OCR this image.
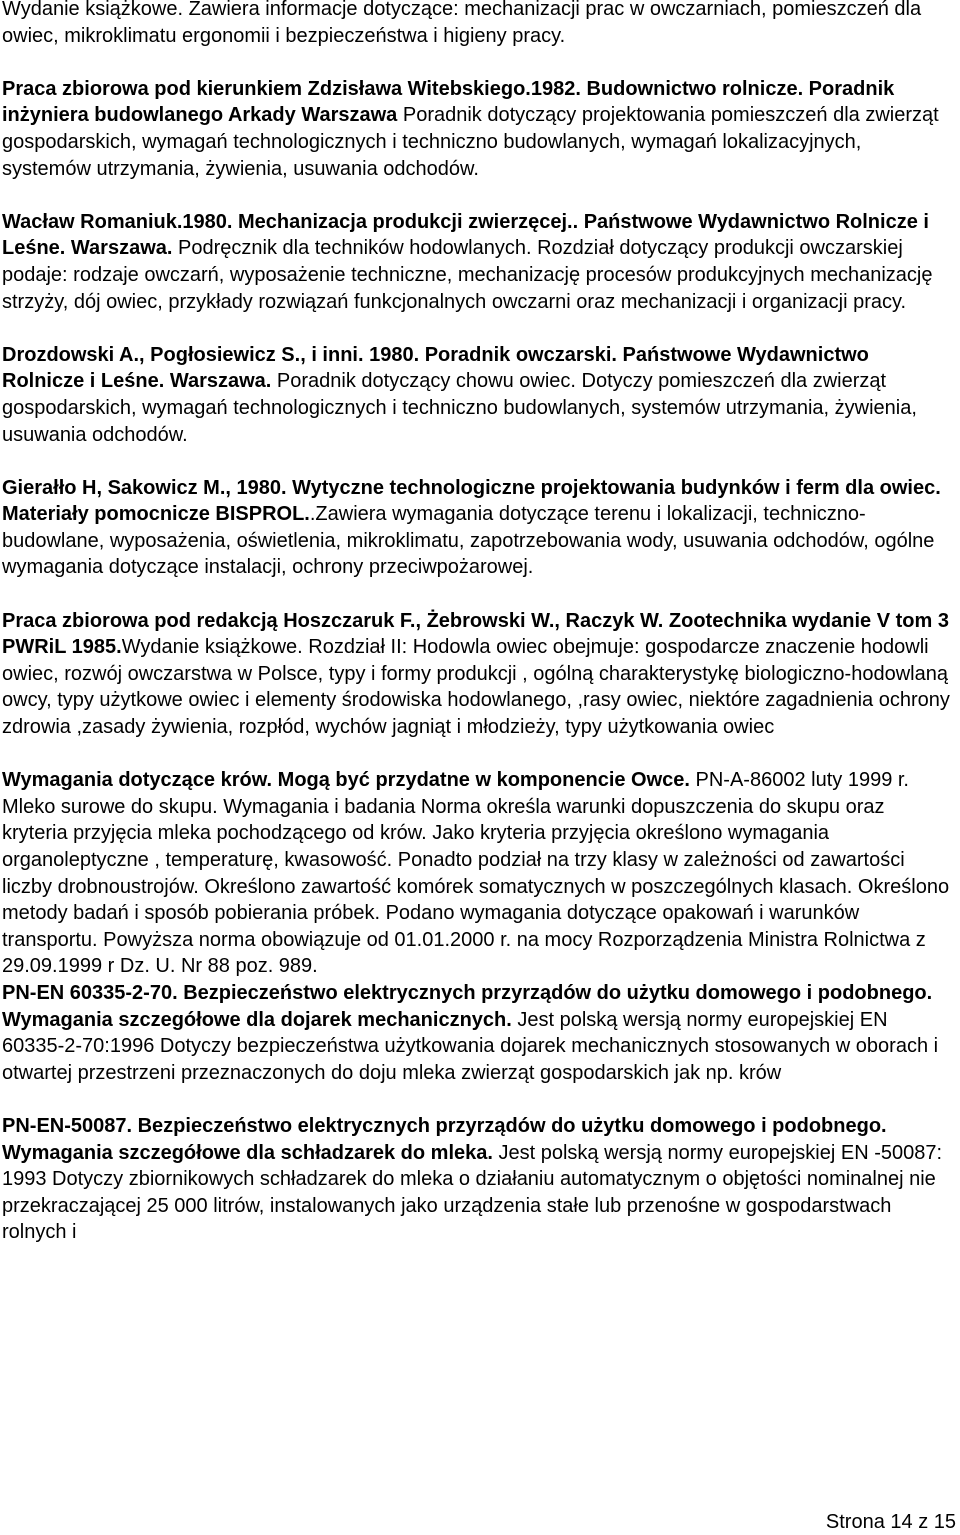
Wydanie książkowe. Zawiera informacje dotyczące: mechanizacji prac w owczarniach, pomieszczeń dla owiec, mikroklimatu ergonomii i bezpieczeństwa i higieny pracy.

Praca zbiorowa pod kierunkiem Zdzisława Witebskiego.1982. Budownictwo rolnicze. Poradnik inżyniera budowlanego Arkady Warszawa Poradnik dotyczący projektowania pomieszczeń dla zwierząt gospodarskich, wymagań technologicznych i techniczno budowlanych, wymagań lokalizacyjnych, systemów utrzymania, żywienia, usuwania odchodów.

Wacław Romaniuk.1980. Mechanizacja produkcji zwierzęcej.. Państwowe Wydawnictwo Rolnicze i Leśne. Warszawa. Podręcznik dla techników hodowlanych. Rozdział dotyczący produkcji owczarskiej podaje: rodzaje owczarń, wyposażenie techniczne, mechanizację procesów produkcyjnych mechanizację strzyży, dój owiec, przykłady rozwiązań funkcjonalnych owczarni oraz mechanizacji i organizacji pracy.

Drozdowski A., Pogłosiewicz S., i inni. 1980. Poradnik owczarski. Państwowe Wydawnictwo Rolnicze i Leśne. Warszawa. Poradnik dotyczący chowu owiec. Dotyczy pomieszczeń dla zwierząt gospodarskich, wymagań technologicznych i techniczno budowlanych, systemów utrzymania, żywienia, usuwania odchodów.

Gierałło H, Sakowicz M., 1980. Wytyczne technologiczne projektowania budynków i ferm dla owiec. Materiały pomocnicze BISPROL..Zawiera wymagania dotyczące terenu i lokalizacji, techniczno-budowlane, wyposażenia, oświetlenia, mikroklimatu, zapotrzebowania wody, usuwania odchodów, ogólne wymagania dotyczące instalacji, ochrony przeciwpożarowej.

Praca zbiorowa pod redakcją Hoszczaruk F., Żebrowski W., Raczyk W. Zootechnika wydanie V tom 3 PWRiL 1985.Wydanie książkowe. Rozdział II: Hodowla owiec obejmuje: gospodarcze znaczenie hodowli owiec, rozwój owczarstwa w Polsce, typy i formy produkcji , ogólną charakterystykę biologiczno-hodowlaną owcy, typy użytkowe owiec i elementy środowiska hodowlanego, ,rasy owiec, niektóre zagadnienia ochrony zdrowia ,zasady żywienia, rozpłód, wychów jagniąt i młodzieży, typy użytkowania owiec

Wymagania dotyczące krów. Mogą być przydatne w komponencie Owce. PN-A-86002 luty 1999 r. Mleko surowe do skupu. Wymagania i badania Norma określa warunki dopuszczenia do skupu oraz kryteria przyjęcia mleka pochodzącego od krów. Jako kryteria przyjęcia określono wymagania organoleptyczne , temperaturę, kwasowość. Ponadto podział na trzy klasy w zależności od zawartości liczby drobnoustrojów. Określono zawartość komórek somatycznych w poszczególnych klasach. Określono metody badań i sposób pobierania próbek. Podano wymagania dotyczące opakowań i warunków transportu. Powyższa norma obowiązuje od 01.01.2000 r. na mocy Rozporządzenia Ministra Rolnictwa z 29.09.1999 r Dz. U. Nr 88 poz. 989.

PN-EN 60335-2-70. Bezpieczeństwo elektrycznych przyrządów do użytku domowego i podobnego. Wymagania szczegółowe dla dojarek mechanicznych. Jest polską wersją normy europejskiej EN 60335-2-70:1996 Dotyczy bezpieczeństwa użytkowania dojarek mechanicznych stosowanych w oborach i otwartej przestrzeni przeznaczonych do doju mleka zwierząt gospodarskich jak np. krów

PN-EN-50087. Bezpieczeństwo elektrycznych przyrządów do użytku domowego i podobnego. Wymagania szczegółowe dla schładzarek do mleka. Jest polską wersją normy europejskiej EN -50087: 1993 Dotyczy zbiornikowych schładzarek do mleka o działaniu automatycznym o objętości nominalnej nie przekraczającej 25 000 litrów, instalowanych jako urządzenia stałe lub przenośne w gospodarstwach rolnych i

Strona 14 z 15
